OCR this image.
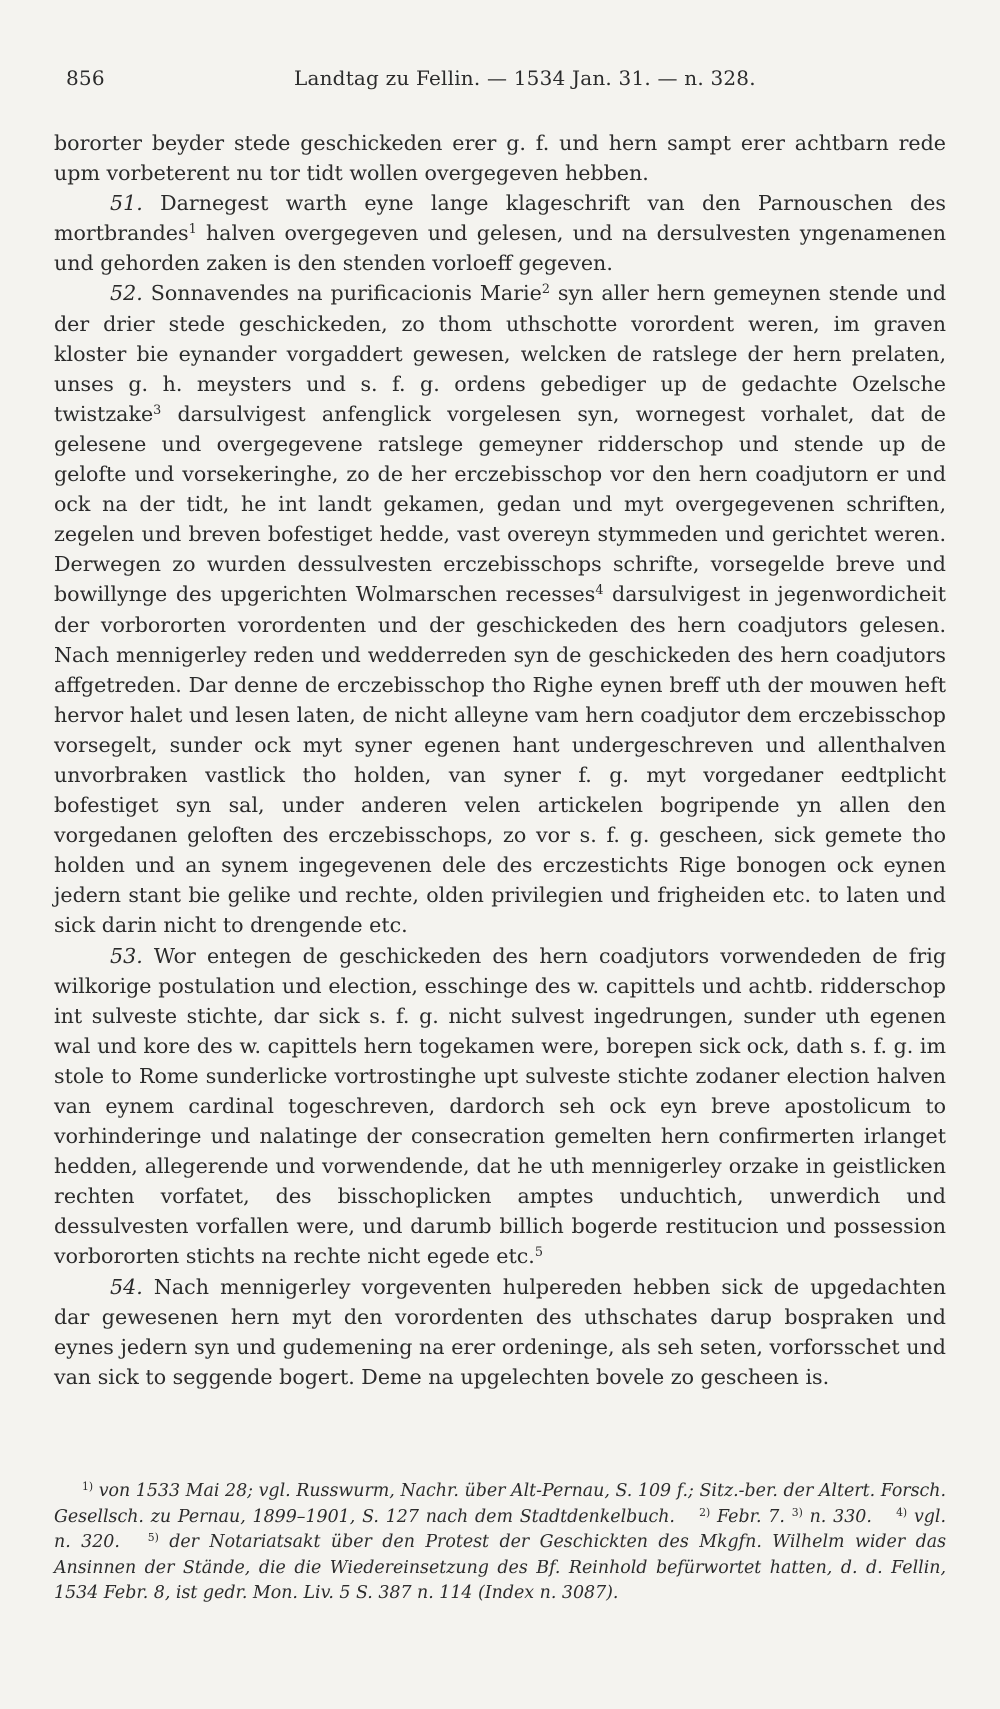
856	Landtag zu Fellin. — 1534 Jan. 31. — n. 328.

bororter beyder stede geschickeden erer g. f. und hern sampt erer achtbarn rede upm vorbeterent nu tor tidt wollen overgegeven hebben.

51. Darnegest warth eyne lange klageschrift van den Parnouschen des mortbrandes$^1$ halven overgegeven und gelesen, und na dersulvesten yngenamenen und gehorden zaken is den stenden vorloeff gegeven.

52. Sonnavendes na purificacionis Marie$^2$ syn aller hern gemeynen stende und der drier stede geschickeden, zo thom uthschotte vorordent weren, im graven kloster bie eynander vorgaddert gewesen, welcken de ratslege der hern prelaten, unses g. h. meysters und s. f. g. ordens gebediger up de gedachte Ozelsche twistzake$^3$ darsulvigest anfenglick vorgelesen syn, wornegest vorhalet, dat de gelesene und overgegevene ratslege gemeyner ridderschop und stende up de gelofte und vorsekeringhe, zo de her erczebisschop vor den hern coadjutorn er und ock na der tidt, he int landt gekamen, gedan und myt overgegevenen schriften, zegelen und breven bofestiget hedde, vast overeyn stymmeden und gerichtet weren. Derwegen zo wurden dessulvesten erczebisschops schrifte, vorsegelde breve und bowillynge des upgerichten Wolmarschen recesses$^4$ darsulvigest in jegenwordicheit der vorbororten vorordenten und der geschickeden des hern coadjutors gelesen. Nach mennigerley reden und wedderreden syn de geschickeden des hern coadjutors affgetreden. Dar denne de erczebisschop tho Righe eynen breff uth der mouwen heft hervor halet und lesen laten, de nicht alleyne vam hern coadjutor dem erczebisschop vorsegelt, sunder ock myt syner egenen hant undergeschreven und allenthalven unvorbraken vastlick tho holden, van syner f. g. myt vorgedaner eedtplicht bofestiget syn sal, under anderen velen artickelen bogripende yn allen den vorgedanen geloften des erczebisschops, zo vor s. f. g. gescheen, sick gemete tho holden und an synem ingegevenen dele des erczestichts Rige bonogen ock eynen jedern stant bie gelike und rechte, olden privilegien und frigheiden etc. to laten und sick darin nicht to drengende etc.

53. Wor entegen de geschickeden des hern coadjutors vorwendeden de frig wilkorige postulation und election, esschinge des w. capittels und achtb. ridderschop int sulveste stichte, dar sick s. f. g. nicht sulvest ingedrungen, sunder uth egenen wal und kore des w. capittels hern togekamen were, borepen sick ock, dath s. f. g. im stole to Rome sunderlicke vortrostinghe upt sulveste stichte zodaner election halven van eynem cardinal togeschreven, dardorch seh ock eyn breve apostolicum to vorhinderinge und nalatinge der consecration gemelten hern confirmerten irlanget hedden, allegerende und vorwendende, dat he uth mennigerley orzake in geistlicken rechten vorfatet, des bisschoplicken amptes unduchtich, unwerdich und dessulvesten vorfallen were, und darumb billich bogerde restitucion und possession vorbororten stichts na rechte nicht egede etc.$^5$

54. Nach mennigerley vorgeventen hulpereden hebben sick de upgedachten dar gewesenen hern myt den vorordenten des uthschates darup bospraken und eynes jedern syn und gudemening na erer ordeninge, als seh seten, vorforsschet und van sick to seggende bogert. Deme na upgelechten bovele zo gescheen is.

$^{1)}$ von 1533 Mai 28; vgl. Russwurm, Nachr. über Alt-Pernau, S. 109 f.; Sitz.-ber. der Altert. Forsch. Gesellsch. zu Pernau, 1899–1901, S. 127 nach dem Stadtdenkelbuch.   $^{2)}$ Febr. 7. $^{3)}$ n. 330.   $^{4)}$ vgl. n. 320.  	$^{5)}$ der Notariatsakt über den Protest der Geschickten des Mkgfn. Wilhelm wider das Ansinnen der Stände, die die Wiedereinsetzung des Bf. Reinhold befürwortet hatten, d. d. Fellin, 1534 Febr. 8, ist gedr. Mon. Liv. 5 S. 387 n. 114 (Index n. 3087).
